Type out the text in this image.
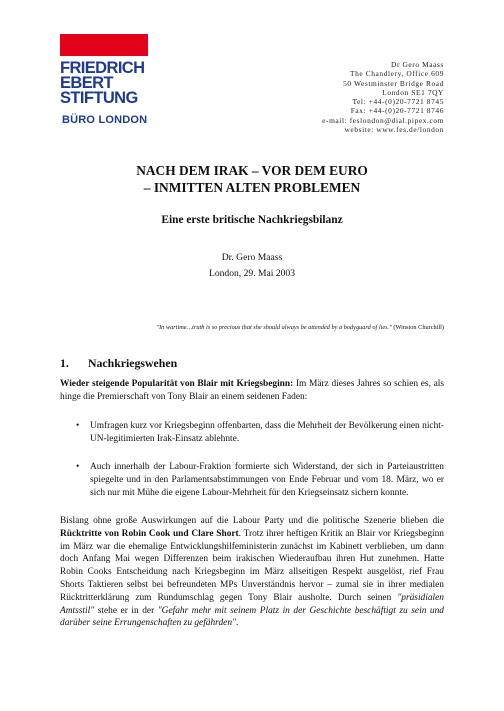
FRIEDRICH
EBERT
STIFTUNG
BÜRO LONDON
Dr Gero Maass
The Chandlery, Office 609
50 Westminster Bridge Road
London SE1 7QY
Tel: +44-(0)20-7721 8745
Fax: +44-(0)20-7721 8746
e-mail: feslondon@dial.pipex.com
website: www.fes.de/london
NACH DEM IRAK – VOR DEM EURO
– INMITTEN ALTEN PROBLEMEN
Eine erste britische Nachkriegsbilanz
Dr. Gero Maass
London, 29. Mai 2003
"In wartime…truth is so precious that she should always be attended by a bodyguard of lies." (Winston Churchill)
1. Nachkriegswehen
Wieder steigende Popularität von Blair mit Kriegsbeginn: Im März dieses Jahres so schien es, als hinge die Premierschaft von Tony Blair an einem seidenen Faden:
•	Umfragen kurz vor Kriegsbeginn offenbarten, dass die Mehrheit der Bevölkerung einen nicht-UN-legitimierten Irak-Einsatz ablehnte.
•	Auch innerhalb der Labour-Fraktion formierte sich Widerstand, der sich in Parteiaustritten spiegelte und in den Parlamentsabstimmungen von Ende Februar und vom 18. März, wo er sich nur mit Mühe die eigene Labour-Mehrheit für den Kriegseinsatz sichern konnte.
Bislang ohne große Auswirkungen auf die Labour Party und die politische Szenerie blieben die Rücktritte von Robin Cook und Clare Short. Trotz ihrer heftigen Kritik an Blair vor Kriegsbeginn im März war die ehemalige Entwicklungshilfeministerin zunächst im Kabinett verblieben, um dann doch Anfang Mai wegen Differenzen beim irakischen Wiederaufbau ihren Hut zunehmen. Hatte Robin Cooks Entscheidung nach Kriegsbeginn im März allseitigen Respekt ausgelöst, rief Frau Shorts Taktieren selbst bei befreundeten MPs Unverständnis hervor – zumal sie in ihrer medialen Rücktritterklärung zum Rundumschlag gegen Tony Blair ausholte. Durch seinen "präsidialen Amtsstil" stehe er in der "Gefahr mehr mit seinem Platz in der Geschichte beschäftigt zu sein und darüber seine Errungenschaften zu gefährden".
